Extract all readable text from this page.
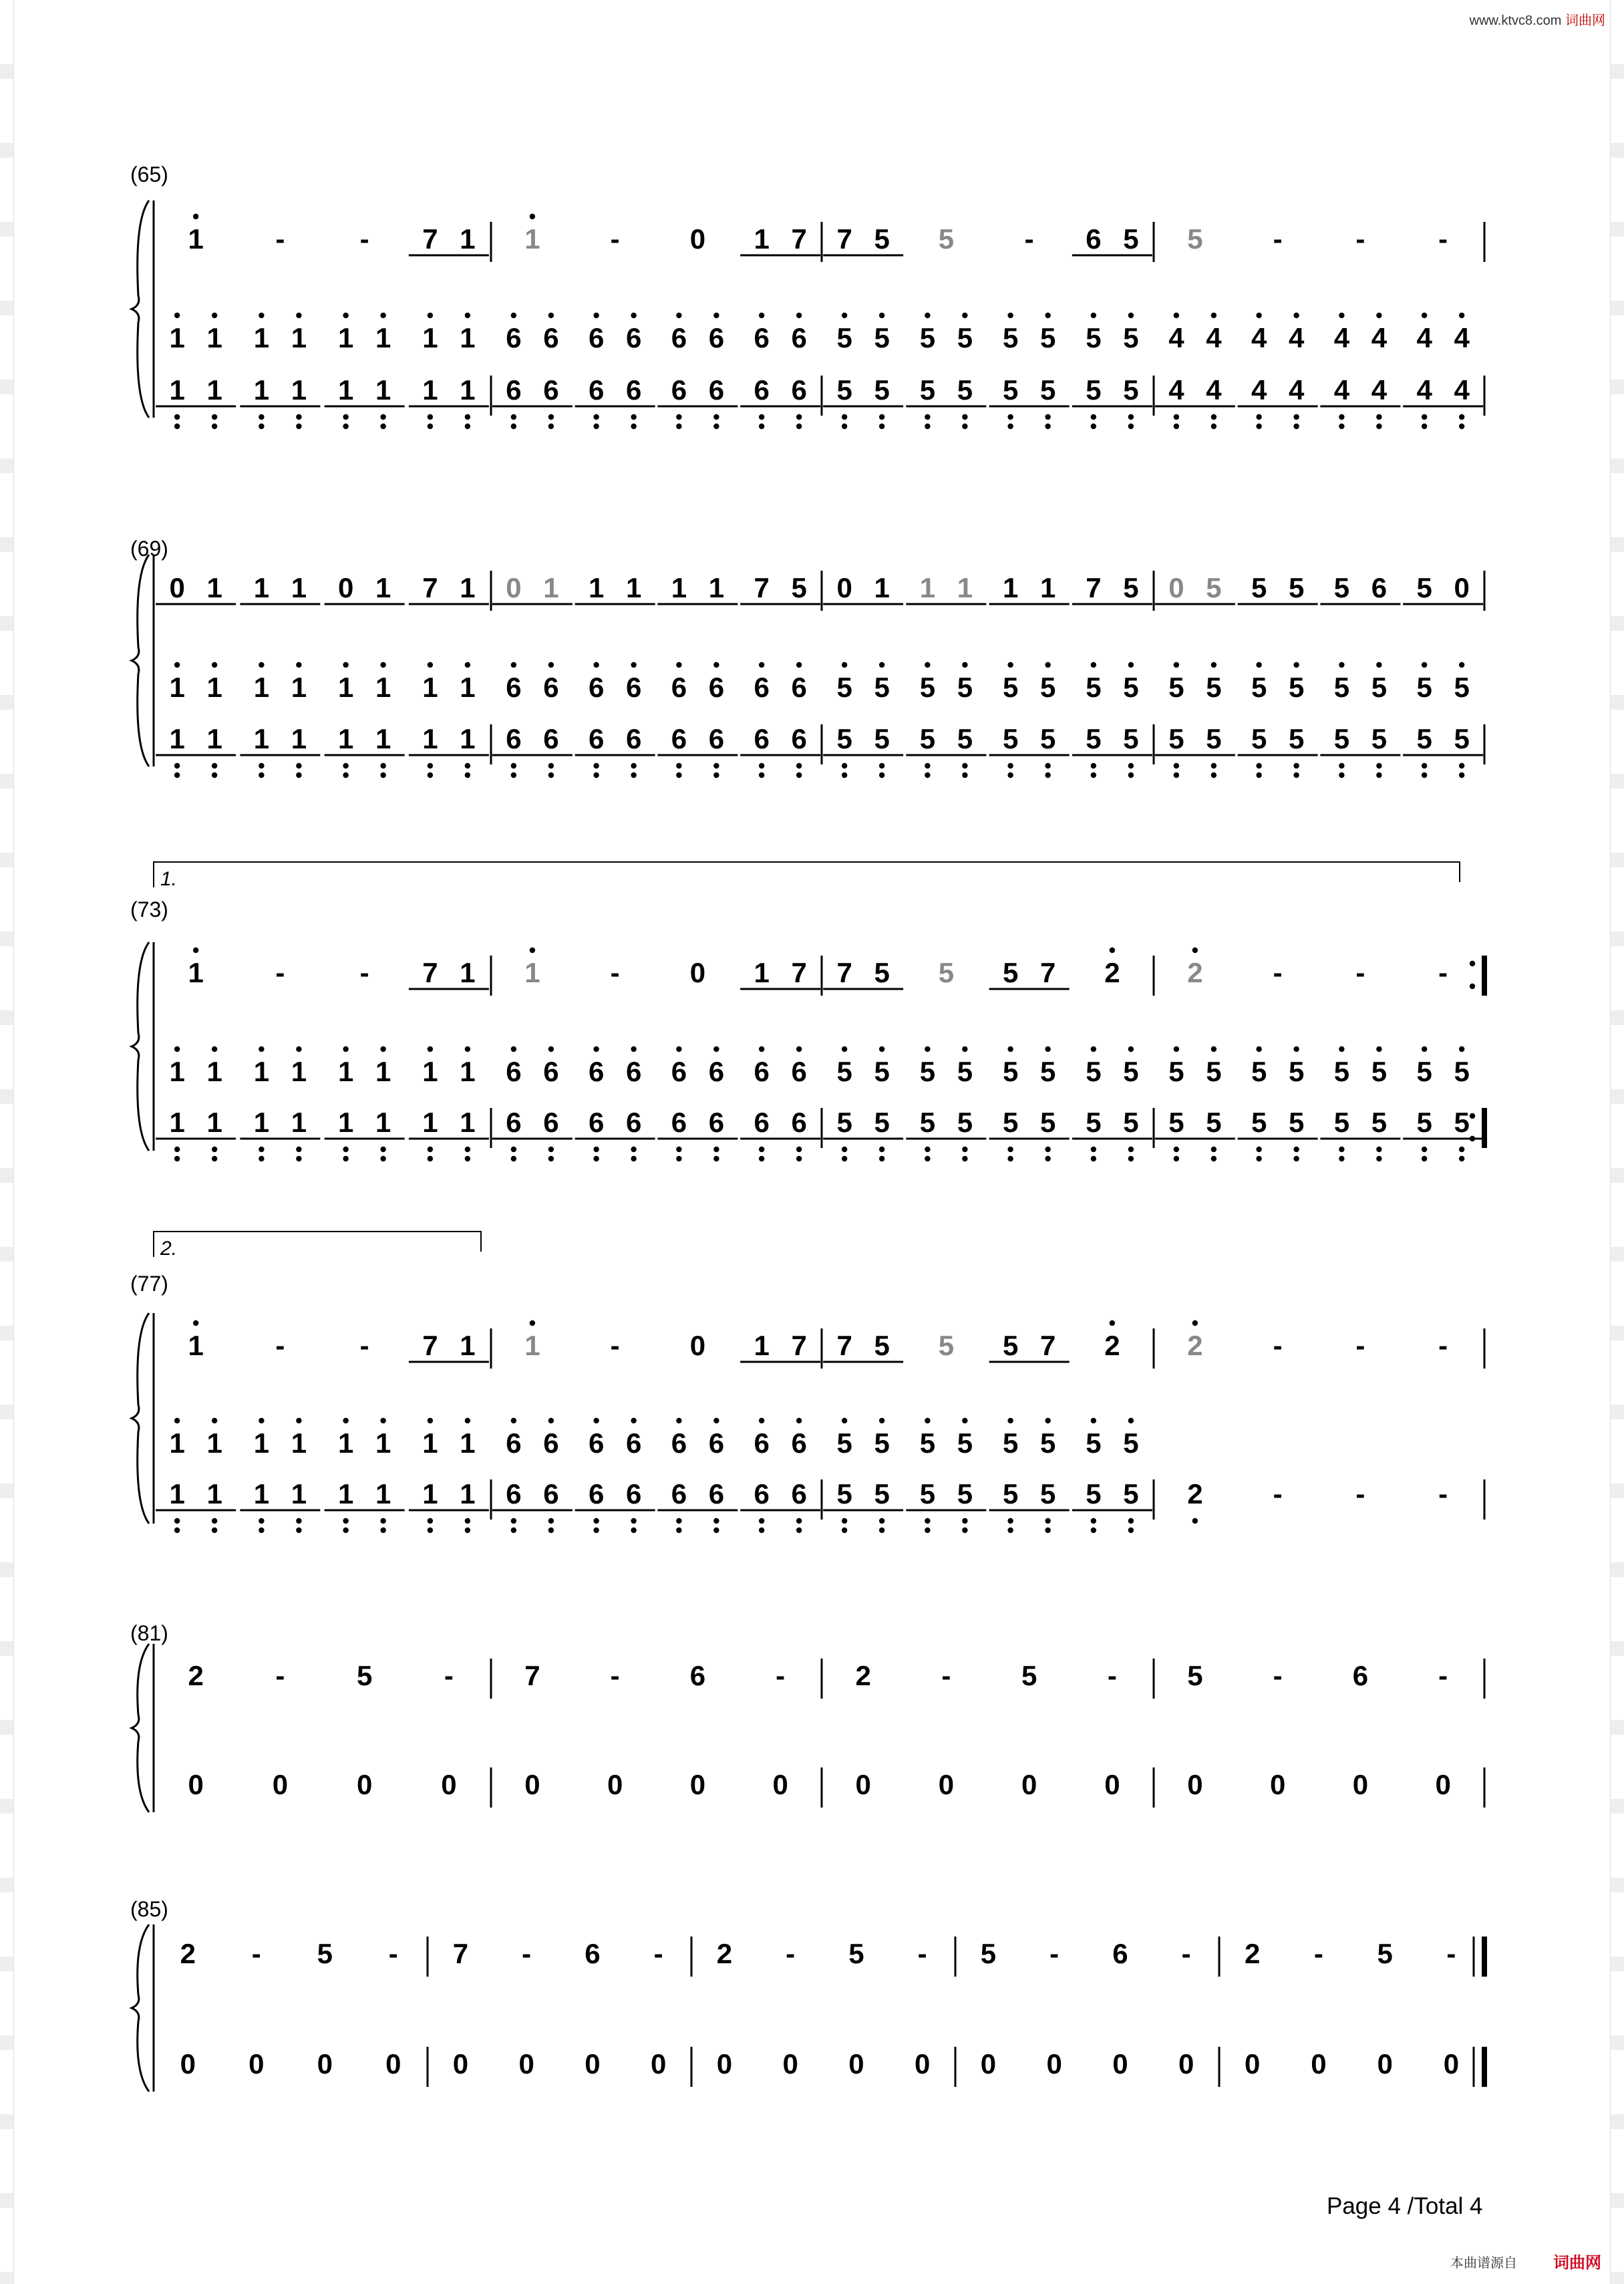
www.ktvc8.com 词曲网
(65)
1	-	- 7 1 1	-	0 1 7 7 5 5	- 6 5 5	-	-	-
1 1 1 1 1 1 1 1 6 6 6 6 6 6 6 6 5 5 5 5 5 5 5 5 4 4 4 4 4 4 4 4
1 1 1 1 1 1 1 1 6 6 6 6 6 6 6 6 5 5 5 5 5 5 5 5 4 4 4 4 4 4 4 4
(69)
0 1 1 1 0 1 7 1 0 1 1 1 1 1 7 5 0 1 1 1 1 1 7 5 0 5 5 5 5 6 5 0
1 1 1 1 1 1 1 1 6 6 6 6 6 6 6 6 5 5 5 5 5 5 5 5 5 5 5 5 5 5 5 5
1 1 1 1 1 1 1 1 6 6 6 6 6 6 6 6 5 5 5 5 5 5 5 5 5 5 5 5 5 5 5 5
(73)
1.
1	-	- 7 1 1	-	0 1 7 7 5 5 5 7 2 2	-	-	-
1 1 1 1 1 1 1 1 6 6 6 6 6 6 6 6 5 5 5 5 5 5 5 5 5 5 5 5 5 5 5 5
1 1 1 1 1 1 1 1 6 6 6 6 6 6 6 6 5 5 5 5 5 5 5 5 5 5 5 5 5 5 5 5
(77)
2.
1	-	- 7 1 1	-	0 1 7 7 5 5 5 7 2 2	-	-	-
1 1 1 1 1 1 1 1 6 6 6 6 6 6 6 6 5 5 5 5 5 5 5 5
1 1 1 1 1 1 1 1 6 6 6 6 6 6 6 6 5 5 5 5 5 5 5 5 2	-	-	-
(81)
2	-	5	-	7	-	6	-	2	-	5	-	5	-	6	-
0 0 0 0 0 0 0 0 0 0 0 0 0 0 0 0
(85)
2 - 5 - 7 - 6 - 2 - 5 - 5 - 6 - 2 - 5 -
0 0 0 0 0 0 0 0 0 0 0 0 0 0 0 0 0 0 0 0
Page 4 /Total 4
本曲谱源自 词曲网
